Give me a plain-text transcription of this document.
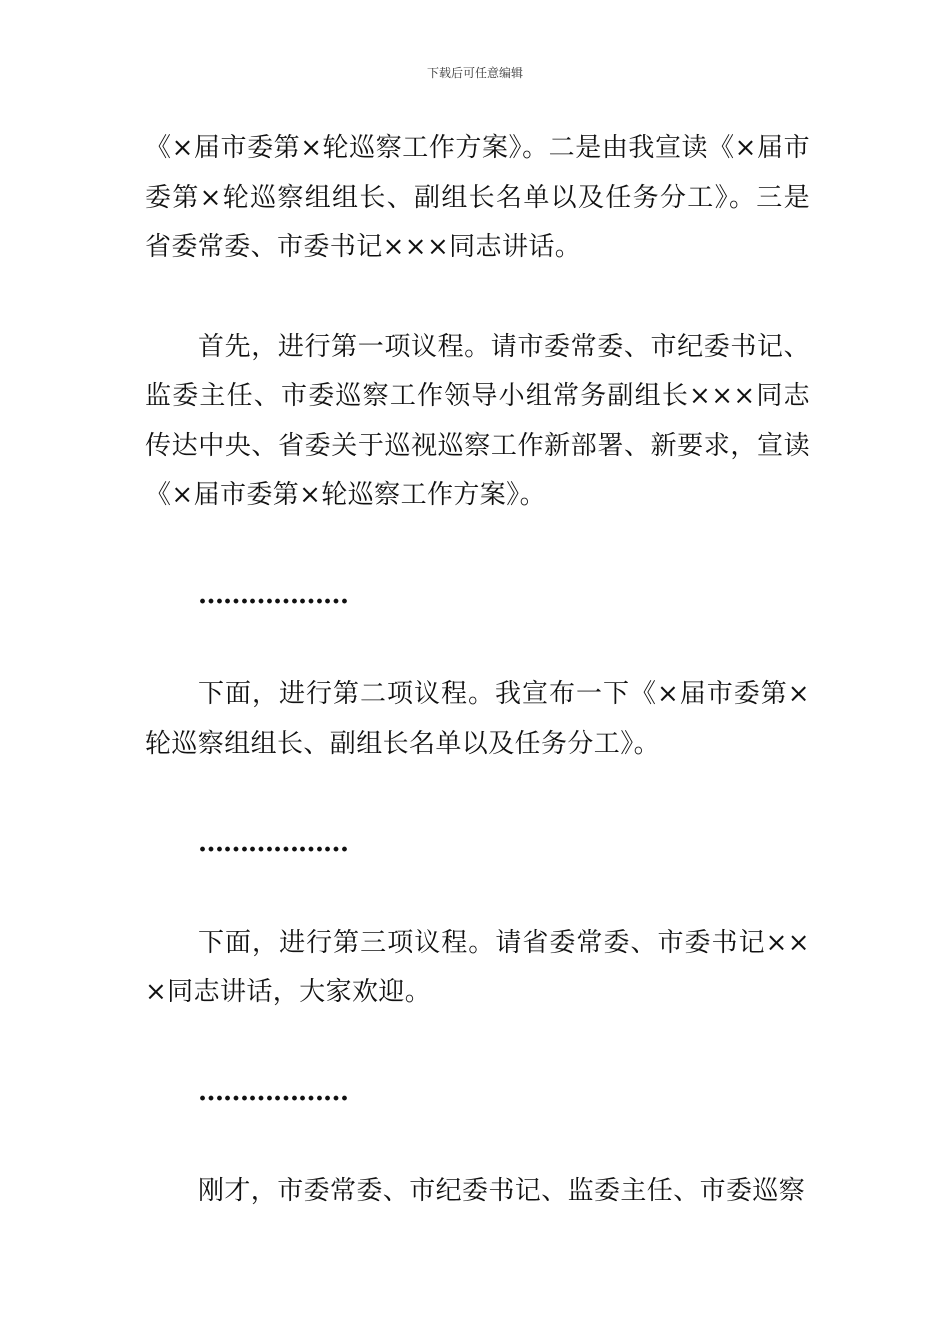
下载后可任意编辑

《×届市委第×轮巡察工作方案》。二是由我宣读《×届市委第×轮巡察组组长、副组长名单以及任务分工》。三是省委常委、市委书记×××同志讲话。

首先，进行第一项议程。请市委常委、市纪委书记、监委主任、市委巡察工作领导小组常务副组长×××同志传达中央、省委关于巡视巡察工作新部署、新要求，宣读《×届市委第×轮巡察工作方案》。

………………

下面，进行第二项议程。我宣布一下《×届市委第×轮巡察组组长、副组长名单以及任务分工》。

………………

下面，进行第三项议程。请省委常委、市委书记×××同志讲话，大家欢迎。

………………

刚才，市委常委、市纪委书记、监委主任、市委巡察
